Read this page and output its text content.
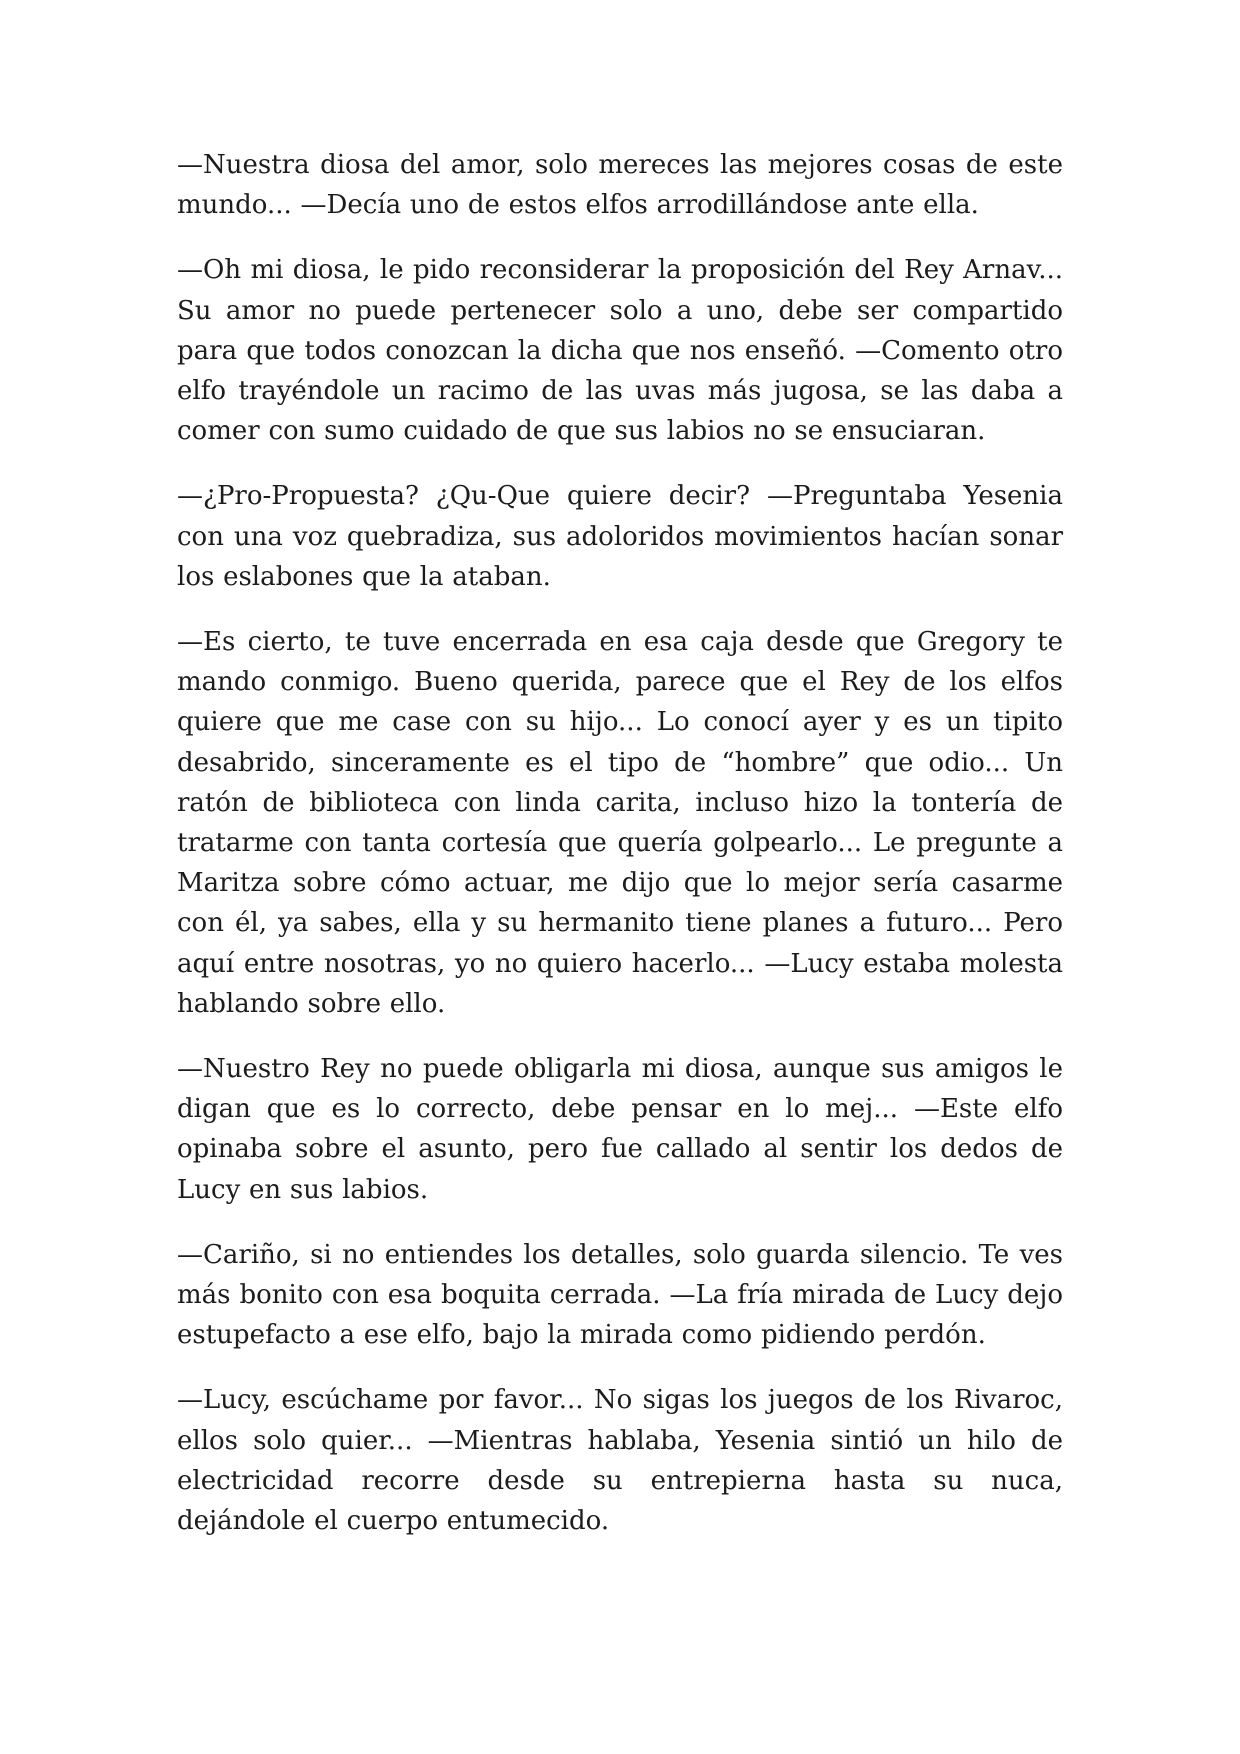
—Nuestra diosa del amor, solo mereces las mejores cosas de este mundo... —Decía uno de estos elfos arrodillándose ante ella.

—Oh mi diosa, le pido reconsiderar la proposición del Rey Arnav... Su amor no puede pertenecer solo a uno, debe ser compartido para que todos conozcan la dicha que nos enseñó. —Comento otro elfo trayéndole un racimo de las uvas más jugosa, se las daba a comer con sumo cuidado de que sus labios no se ensuciaran.

—¿Pro-Propuesta? ¿Qu-Que quiere decir? —Preguntaba Yesenia con una voz quebradiza, sus adoloridos movimientos hacían sonar los eslabones que la ataban.

—Es cierto, te tuve encerrada en esa caja desde que Gregory te mando conmigo. Bueno querida, parece que el Rey de los elfos quiere que me case con su hijo... Lo conocí ayer y es un tipito desabrido, sinceramente es el tipo de “hombre” que odio... Un ratón de biblioteca con linda carita, incluso hizo la tontería de tratarme con tanta cortesía que quería golpearlo... Le pregunte a Maritza sobre cómo actuar, me dijo que lo mejor sería casarme con él, ya sabes, ella y su hermanito tiene planes a futuro... Pero aquí entre nosotras, yo no quiero hacerlo... —Lucy estaba molesta hablando sobre ello.

—Nuestro Rey no puede obligarla mi diosa, aunque sus amigos le digan que es lo correcto, debe pensar en lo mej... —Este elfo opinaba sobre el asunto, pero fue callado al sentir los dedos de Lucy en sus labios.

—Cariño, si no entiendes los detalles, solo guarda silencio. Te ves más bonito con esa boquita cerrada. —La fría mirada de Lucy dejo estupefacto a ese elfo, bajo la mirada como pidiendo perdón.

—Lucy, escúchame por favor... No sigas los juegos de los Rivaroc, ellos solo quier... —Mientras hablaba, Yesenia sintió un hilo de electricidad recorre desde su entrepierna hasta su nuca, dejándole el cuerpo entumecido.
